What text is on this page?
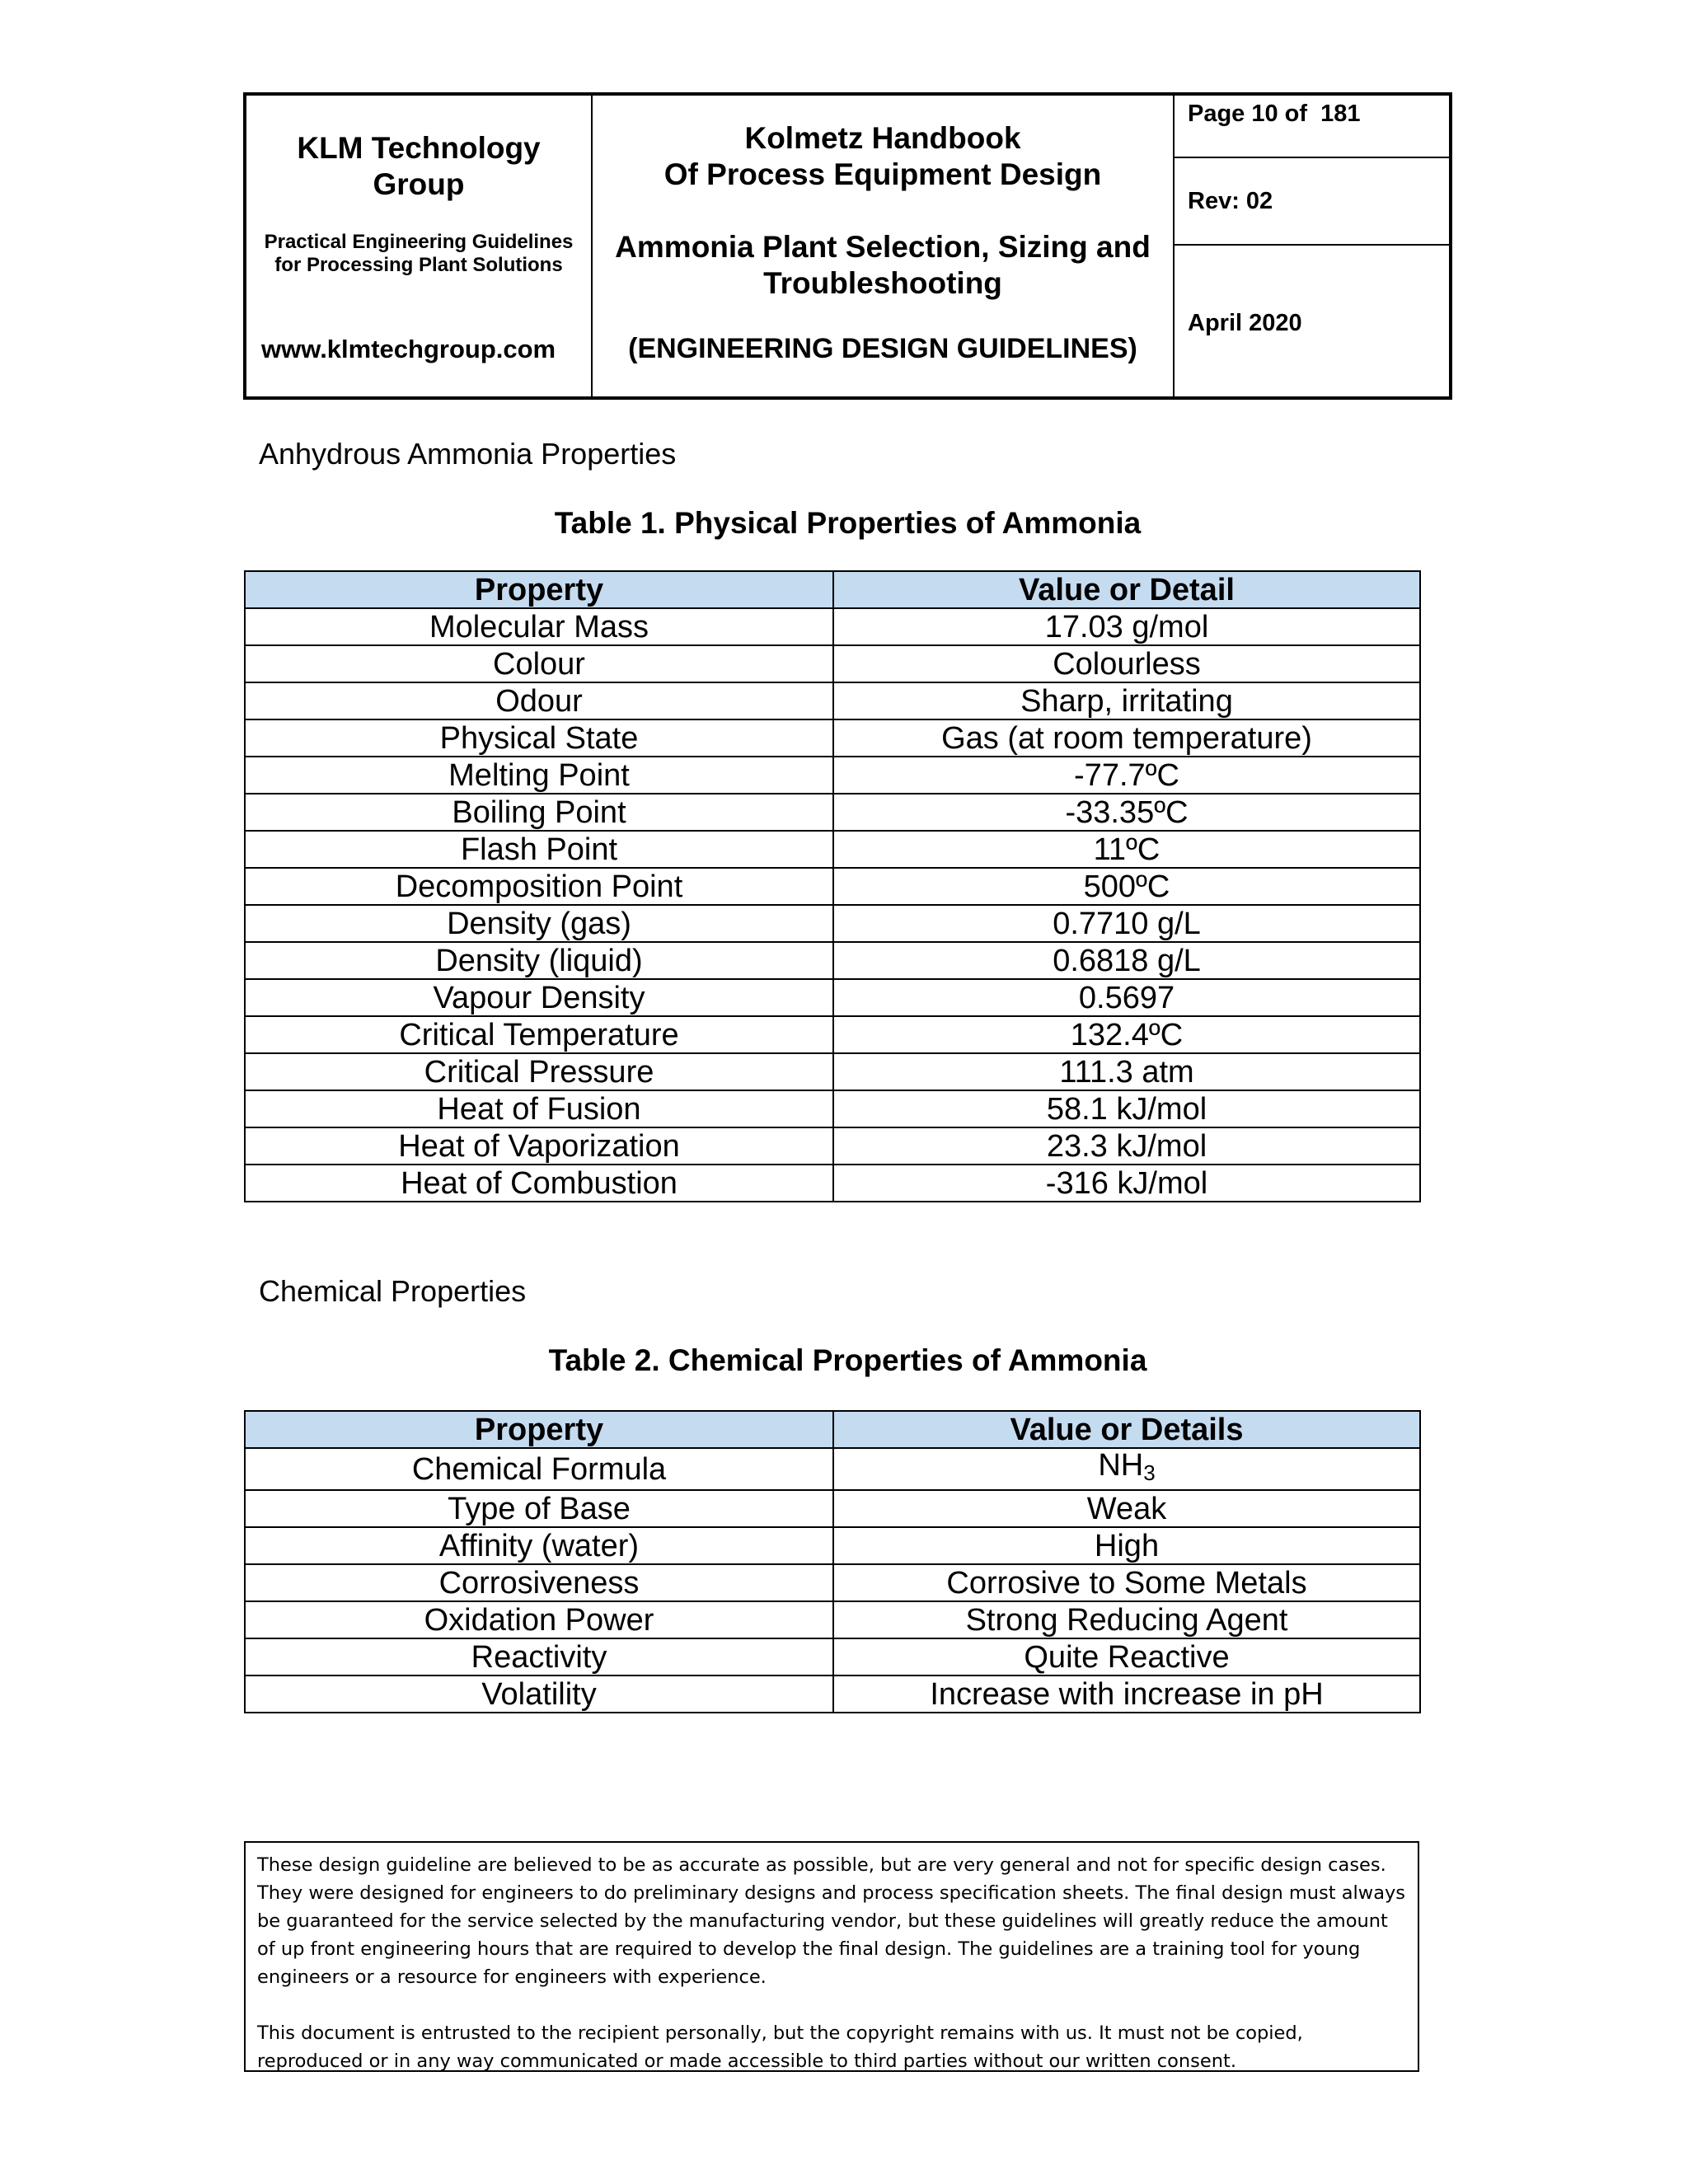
KLM Technology Group
Practical Engineering Guidelines for Processing Plant Solutions
www.klmtechgroup.com
Kolmetz Handbook
Of Process Equipment Design
Ammonia Plant Selection, Sizing and
Troubleshooting
(ENGINEERING DESIGN GUIDELINES)
Page 10 of  181
Rev: 02
April 2020
Anhydrous Ammonia Properties
Table 1. Physical Properties of Ammonia
Property	Value or Detail
Molecular Mass	17.03 g/mol
Colour	Colourless
Odour	Sharp, irritating
Physical State	Gas (at room temperature)
Melting Point	-77.7ºC
Boiling Point	-33.35ºC
Flash Point	11ºC
Decomposition Point	500ºC
Density (gas)	0.7710 g/L
Density (liquid)	0.6818 g/L
Vapour Density	0.5697
Critical Temperature	132.4ºC
Critical Pressure	111.3 atm
Heat of Fusion	58.1 kJ/mol
Heat of Vaporization	23.3 kJ/mol
Heat of Combustion	-316 kJ/mol
Chemical Properties
Table 2. Chemical Properties of Ammonia
Property	Value or Details
Chemical Formula	$NH_3$
Type of Base	Weak
Affinity (water)	High
Corrosiveness	Corrosive to Some Metals
Oxidation Power	Strong Reducing Agent
Reactivity	Quite Reactive
Volatility	Increase with increase in pH

These design guideline are believed to be as accurate as possible, but are very general and not for specific design cases. They were designed for engineers to do preliminary designs and process specification sheets. The final design must always be guaranteed for the service selected by the manufacturing vendor, but these guidelines will greatly reduce the amount of up front engineering hours that are required to develop the final design. The guidelines are a training tool for young engineers or a resource for engineers with experience.

This document is entrusted to the recipient personally, but the copyright remains with us. It must not be copied, reproduced or in any way communicated or made accessible to third parties without our written consent.
